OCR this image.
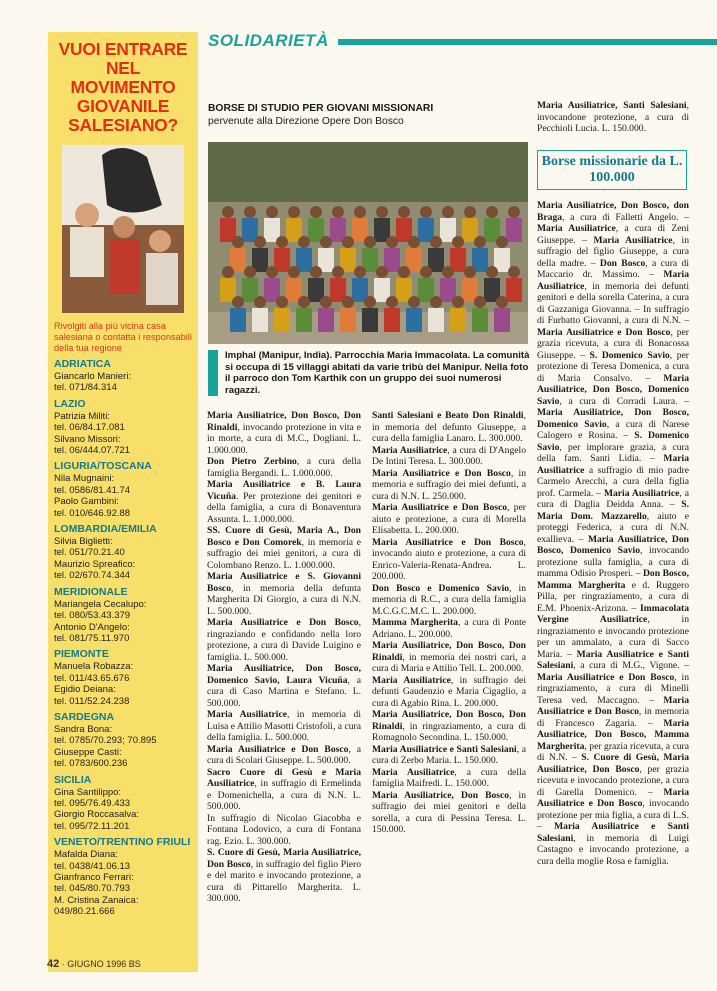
SOLIDARIETÀ
VUOI ENTRARE NEL MOVIMENTO GIOVANILE SALESIANO?
Rivolgiti alla più vicina casa salesiana o contatta i responsabili della tua regione
ADRIATICA
Giancarlo Manieri:
tel. 071/84.314
LAZIO
Patrizia Militi:
tel. 06/84.17.081
Silvano Missori:
tel. 06/444.07.721
LIGURIA/TOSCANA
Nila Mugnaini:
tel. 0586/81.41.74
Paolo Gambini:
tel. 010/646.92.88
LOMBARDIA/EMILIA
Silvia Biglietti:
tel. 051/70.21.40
Maurizio Spreafico:
tel. 02/670.74.344
MERIDIONALE
Mariangela Cecalupo:
tel. 080/53.43.379
Antonio D'Angelo:
tel. 081/75.11.970
PIEMONTE
Manuela Robazza:
tel. 011/43.65.676
Egidio Deiana:
tel. 011/52.24.238
SARDEGNA
Sandra Bona:
tel. 0785/70.293; 70.895
Giuseppe Casti:
tel. 0783/600.236
SICILIA
Gina Santilippo:
tel. 095/76.49.433
Giorgio Roccasalva:
tel. 095/72.11.201
VENETO/TRENTINO FRIULI
Mafalda Diana:
tel. 0438/41.06.13
Gianfranco Ferrari:
tel. 045/80.70.793
M. Cristina Zanaica:
049/80.21.666
BORSE DI STUDIO PER GIOVANI MISSIONARI
pervenute alla Direzione Opere Don Bosco
Imphal (Manipur, India). Parrocchia Maria Immacolata. La comunità si occupa di 15 villaggi abitati da varie tribù del Manipur. Nella foto il parroco don Tom Karthik con un gruppo dei suoi numerosi ragazzi.

Maria Ausiliatrice, Don Bosco, Don Rinaldi, invocando protezione in vita e in morte, a cura di M.C., Dogliani. L. 1.000.000.

Don Pietro Zerbino, a cura della famiglia Bergandi. L. 1.000.000.

Maria Ausiliatrice e B. Laura Vicuña. Per protezione dei genitori e della famiglia, a cura di Bonaventura Assunta. L. 1.000.000.

SS. Cuore di Gesù, Maria A., Don Bosco e Don Comorek, in memoria e suffragio dei miei genitori, a cura di Colombano Renzo. L. 1.000.000.

Maria Ausiliatrice e S. Giovanni Bosco, in memoria della defunta Margherita Di Giorgio, a cura di N.N. L. 500.000.

Maria Ausiliatrice e Don Bosco, ringraziando e confidando nella loro protezione, a cura di Davide Luigino e famiglia. L. 500.000.

Maria Ausiliatrice, Don Bosco, Domenico Savio, Laura Vicuña, a cura di Caso Martina e Stefano. L. 500.000.

Maria Ausiliatrice, in memoria di Luisa e Attilio Masotti Cristofoli, a cura della famiglia. L. 500.000.

Maria Ausiliatrice e Don Bosco, a cura di Scolari Giuseppe. L. 500.000.

Sacro Cuore di Gesù e Maria Ausiliatrice, in suffragio di Ermelinda e Domenichella, a cura di N.N. L. 500.000.

In suffragio di Nicolao Giacobba e Fontana Lodovico, a cura di Fontana rag. Ezio. L. 300.000.

S. Cuore di Gesù, Maria Ausiliatrice, Don Bosco, in suffragio del figlio Piero e del marito e invocando protezione, a cura di Pittarello Margherita. L. 300.000.

Santi Salesiani e Beato Don Rinaldi, in memoria del defunto Giuseppe, a cura della famiglia Lanaro. L. 300.000.

Maria Ausiliatrice, a cura di D'Angelo De Intini Teresa. L. 300.000.

Maria Ausiliatrice e Don Bosco, in memoria e suffragio dei miei defunti, a cura di N.N. L. 250.000.

Maria Ausiliatrice e Don Bosco, per aiuto e protezione, a cura di Morella Elisabetta. L. 200.000.

Maria Ausiliatrice e Don Bosco, invocando aiuto e protezione, a cura di Enrico-Valeria-Renata-Andrea. L. 200.000.

Don Bosco e Domenico Savio, in memoria di R.C., a cura della famiglia M.C.G.C.M.C. L. 200.000.

Mamma Margherita, a cura di Ponte Adriano. L. 200.000.

Maria Ausiliatrice, Don Bosco, Don Rinaldi, in memoria dei nostri cari, a cura di Maria e Attilio Tell. L. 200.000.

Maria Ausiliatrice, in suffragio dei defunti Gaudenzio e Maria Cigaglio, a cura di Agabio Rina. L. 200.000.

Maria Ausiliatrice, Don Bosco, Don Rinaldi, in ringraziamento, a cura di Romagnolo Secondina. L. 150.000.

Maria Ausiliatrice e Santi Salesiani, a cura di Zerbo Maria. L. 150.000.

Maria Ausiliatrice, a cura della famiglia Maifredi. L. 150.000.

Maria Ausiliatrice, Don Bosco, in suffragio dei miei genitori e della sorella, a cura di Pessina Teresa. L. 150.000.

Maria Ausiliatrice, Santi Salesiani, invocandone protezione, a cura di Pecchioli Lucia. L. 150.000.

Borse missionarie da L. 100.000

Maria Ausiliatrice, Don Bosco, don Braga, a cura di Falletti Angelo. – Maria Ausiliatrice, a cura di Zeni Giuseppe. – Maria Ausiliatrice, in suffragio del figlio Giuseppe, a cura della madre. – Don Bosco, a cura di Maccario dr. Massimo. – Maria Ausiliatrice, in memoria dei defunti genitori e della sorella Caterina, a cura di Gazzaniga Giovanna. – In suffragio di Furbatto Giovanni, a cura di N.N. – Maria Ausiliatrice e Don Bosco, per grazia ricevuta, a cura di Bonacossa Giuseppe. – S. Domenico Savio, per protezione di Teresa Domenica, a cura di Maria Consalvo. – Maria Ausiliatrice, Don Bosco, Domenico Savio, a cura di Corradi Laura. – Maria Ausiliatrice, Don Bosco, Domenico Savio, a cura di Narese Calogero e Rosina. – S. Domenico Savio, per implorare grazia, a cura della fam. Santi Lidia. – Maria Ausiliatrice a suffragio di mio padre Carmelo Arecchi, a cura della figlia prof. Carmela. – Maria Ausiliatrice, a cura di Daglia Deidda Anna. – S. Maria Dom. Mazzarello, aiuto e proteggi Federica, a cura di N.N. exallieva. – Maria Ausiliatrice, Don Bosco, Domenico Savio, invocando protezione sulla famiglia, a cura di mamma Odisio Prosperi. – Don Bosco, Mamma Margherita e d. Ruggero Pilla, per ringraziamento, a cura di E.M. Phoenix-Arizona. – Immacolata Vergine Ausiliatrice, in ringraziamento e invocando protezione per un ammalato, a cura di Sacco Maria. – Maria Ausiliatrice e Santi Salesiani, a cura di M.G., Vigone. – Maria Ausiliatrice e Don Bosco, in ringraziamento, a cura di Minelli Teresa ved. Maccagno. – Maria Ausiliatrice e Don Bosco, in memoria di Francesco Zagaria. – Maria Ausiliatrice, Don Bosco, Mamma Margherita, per grazia ricevuta, a cura di N.N. – S. Cuore di Gesù, Maria Ausiliatrice, Don Bosco, per grazia ricevuta e invocando protezione, a cura di Garella Domenico. – Maria Ausiliatrice e Don Bosco, invocando protezione per mia figlia, a cura di L.S. – Maria Ausiliatrice e Santi Salesiani, in memoria di Luigi Castagno e invocando protezione, a cura della moglie Rosa e famiglia.

42 · GIUGNO 1996 BS
